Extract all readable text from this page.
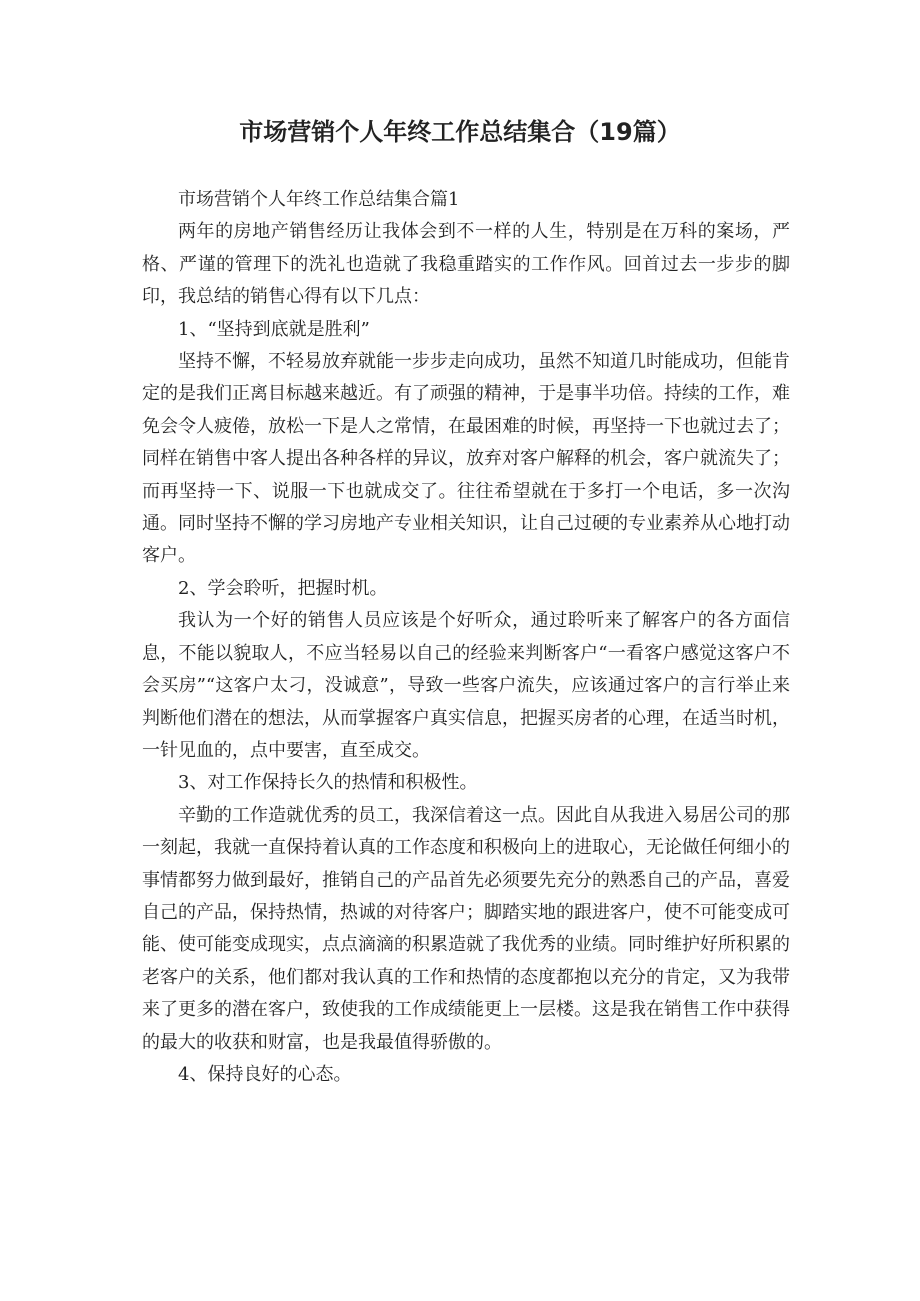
市场营销个人年终工作总结集合（19篇）

市场营销个人年终工作总结集合篇1

两年的房地产销售经历让我体会到不一样的人生，特别是在万科的案场，严格、严谨的管理下的洗礼也造就了我稳重踏实的工作作风。回首过去一步步的脚印，我总结的销售心得有以下几点：

1、“坚持到底就是胜利”

坚持不懈，不轻易放弃就能一步步走向成功，虽然不知道几时能成功，但能肯定的是我们正离目标越来越近。有了顽强的精神，于是事半功倍。持续的工作，难免会令人疲倦，放松一下是人之常情，在最困难的时候，再坚持一下也就过去了；同样在销售中客人提出各种各样的异议，放弃对客户解释的机会，客户就流失了；而再坚持一下、说服一下也就成交了。往往希望就在于多打一个电话，多一次沟通。同时坚持不懈的学习房地产专业相关知识，让自己过硬的专业素养从心地打动客户。

2、学会聆听，把握时机。

我认为一个好的销售人员应该是个好听众，通过聆听来了解客户的各方面信息，不能以貌取人，不应当轻易以自己的经验来判断客户“一看客户感觉这客户不会买房”“这客户太刁，没诚意”，导致一些客户流失，应该通过客户的言行举止来判断他们潜在的想法，从而掌握客户真实信息，把握买房者的心理，在适当时机，一针见血的，点中要害，直至成交。

3、对工作保持长久的热情和积极性。

辛勤的工作造就优秀的员工，我深信着这一点。因此自从我进入易居公司的那一刻起，我就一直保持着认真的工作态度和积极向上的进取心，无论做任何细小的事情都努力做到最好，推销自己的产品首先必须要先充分的熟悉自己的产品，喜爱自己的产品，保持热情，热诚的对待客户；脚踏实地的跟进客户，使不可能变成可能、使可能变成现实，点点滴滴的积累造就了我优秀的业绩。同时维护好所积累的老客户的关系，他们都对我认真的工作和热情的态度都抱以充分的肯定，又为我带来了更多的潜在客户，致使我的工作成绩能更上一层楼。这是我在销售工作中获得的最大的收获和财富，也是我最值得骄傲的。

4、保持良好的心态。
